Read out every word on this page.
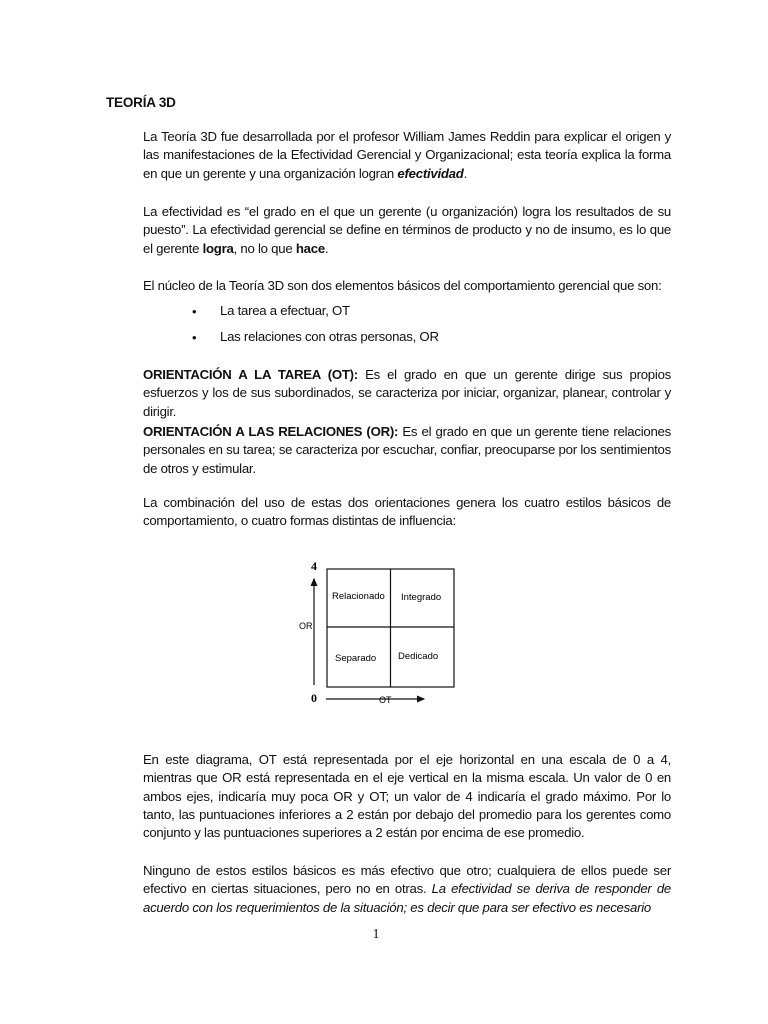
TEORÍA 3D
La Teoría 3D fue desarrollada por el profesor William James Reddin para explicar el origen y las manifestaciones de la Efectividad Gerencial y Organizacional; esta teoría explica la forma en que un gerente y una organización logran efectividad.
La efectividad es “el grado en el que un gerente (u organización) logra los resultados de su puesto”. La efectividad gerencial se define en términos de producto y no de insumo, es lo que el gerente logra, no lo que hace.
El núcleo de la Teoría 3D son dos elementos básicos del comportamiento gerencial que son:
• La tarea a efectuar, OT
• Las relaciones con otras personas, OR
ORIENTACIÓN A LA TAREA (OT): Es el grado en que un gerente dirige sus propios esfuerzos y los de sus subordinados, se caracteriza por iniciar, organizar, planear, controlar y dirigir.
ORIENTACIÓN A LAS RELACIONES (OR): Es el grado en que un gerente tiene relaciones personales en su tarea; se caracteriza por escuchar, confiar, preocuparse por los sentimientos de otros y estimular.
La combinación del uso de estas dos orientaciones genera los cuatro estilos básicos de comportamiento, o cuatro formas distintas de influencia:
4
0
OR
OT
Relacionado Integrado
Separado Dedicado
En este diagrama, OT está representada por el eje horizontal en una escala de 0 a 4, mientras que OR está representada en el eje vertical en la misma escala. Un valor de 0 en ambos ejes, indicaría muy poca OR y OT; un valor de 4 indicaría el grado máximo. Por lo tanto, las puntuaciones inferiores a 2 están por debajo del promedio para los gerentes como conjunto y las puntuaciones superiores a 2 están por encima de ese promedio.
Ninguno de estos estilos básicos es más efectivo que otro; cualquiera de ellos puede ser efectivo en ciertas situaciones, pero no en otras. La efectividad se deriva de responder de acuerdo con los requerimientos de la situación; es decir que para ser efectivo es necesario
1
